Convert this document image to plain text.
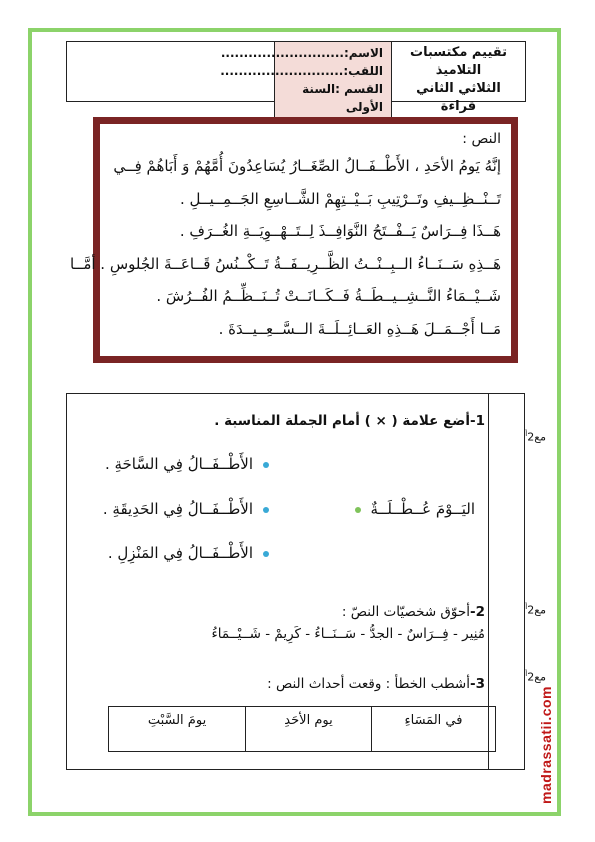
تقييم مكتسبات التلاميذ
الثلاثي الثاني
قراءة
الاسم:...........................
اللقب:...........................
القسم :السنة الأولى
النص :
إنَّهُ يَومُ الأحَدِ ، الأَطْــفَــالُ الصِّغَــارُ يُسَاعِدُونَ أُمَّهُمْ وَ أَبَاهُمْ فِــي
تَــنْــظِــيفِ وتَــرْتِيبِ بَــيْــتِهِمْ الشَّــاسِعِ الجَــمِــيــلِ .
هَــذَا فِــرَاسٌ يَــفْــتَحُ النَّوَافِــذَ لِــتَــهْــوِيَــةِ الغُــرَفِ .
هَــذِهِ سَــنَــاءُ الــبِــنْــتُ الظَّــرِيــفَــةُ تَــكْــنُسُ قَــاعَــةَ الجُلوسِ . أمَّــا
شَــيْــمَاءُ النَّــشِــيــطَــةُ فَــكَــانَــتْ تُــنَــظِّــمُ الفُــرُشَ .
مَــا أَجْــمَــلَ هَــذِهِ العَــائِــلَــةَ الــسَّــعِــيــدَةَ .
$مع2^أ$
$مع2^أ$
$مع2^أ$
1-أضع علامة ( × ) أمام الجملة المناسبة .
الأَطْــفَــالُ فِي السَّاحَةِ .
اليَــوْمَ عُــطْــلَــةٌ
الأَطْــفَــالُ فِي الحَدِيقَةِ .
الأَطْــفَــالُ فِي المَنْزِلِ .
2-أحوّق شخصيّات النصّ :
مُنِير - فِــرَاسٌ - الجدُّ - سَــنَــاءُ - كَرِيمْ - شَــيْــمَاءُ
3-أشطب الخطأ : وقعت أحداث النص :
في المَسَاءِ
يوم الأحَدِ
يومَ السَّبْتِ	madrassatii.com
